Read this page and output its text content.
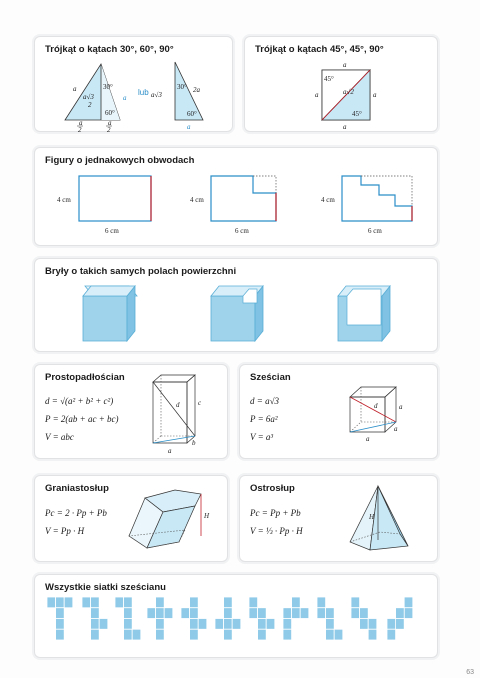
Trójkąt o kątach 30°, 60°, 90°
a
a√3
2
30°
a
60°
a
2
a
2
lub a√3
2a
30°
60°
a
Trójkąt o kątach 45°, 45°, 90°
a
a	a
a
a√2
45°
45°
Figury o jednakowych obwodach
4 cm
6 cm
4 cm
6 cm
4 cm
6 cm
Bryły o takich samych polach powierzchni
Prostopadłościan
d = √(a² + b² + c²)
P = 2(ab + ac + bc)
V = abc
d	c
b
a
Sześcian
d = a√3
P = 6a²
V = a³
d	a
a
a
Graniastosłup
Pc = 2 · Pp + Pb
V = Pp · H
H
Ostrosłup
Pc = Pp + Pb
V = ⅓ · Pp · H
H
Wszystkie siatki sześcianu
63
